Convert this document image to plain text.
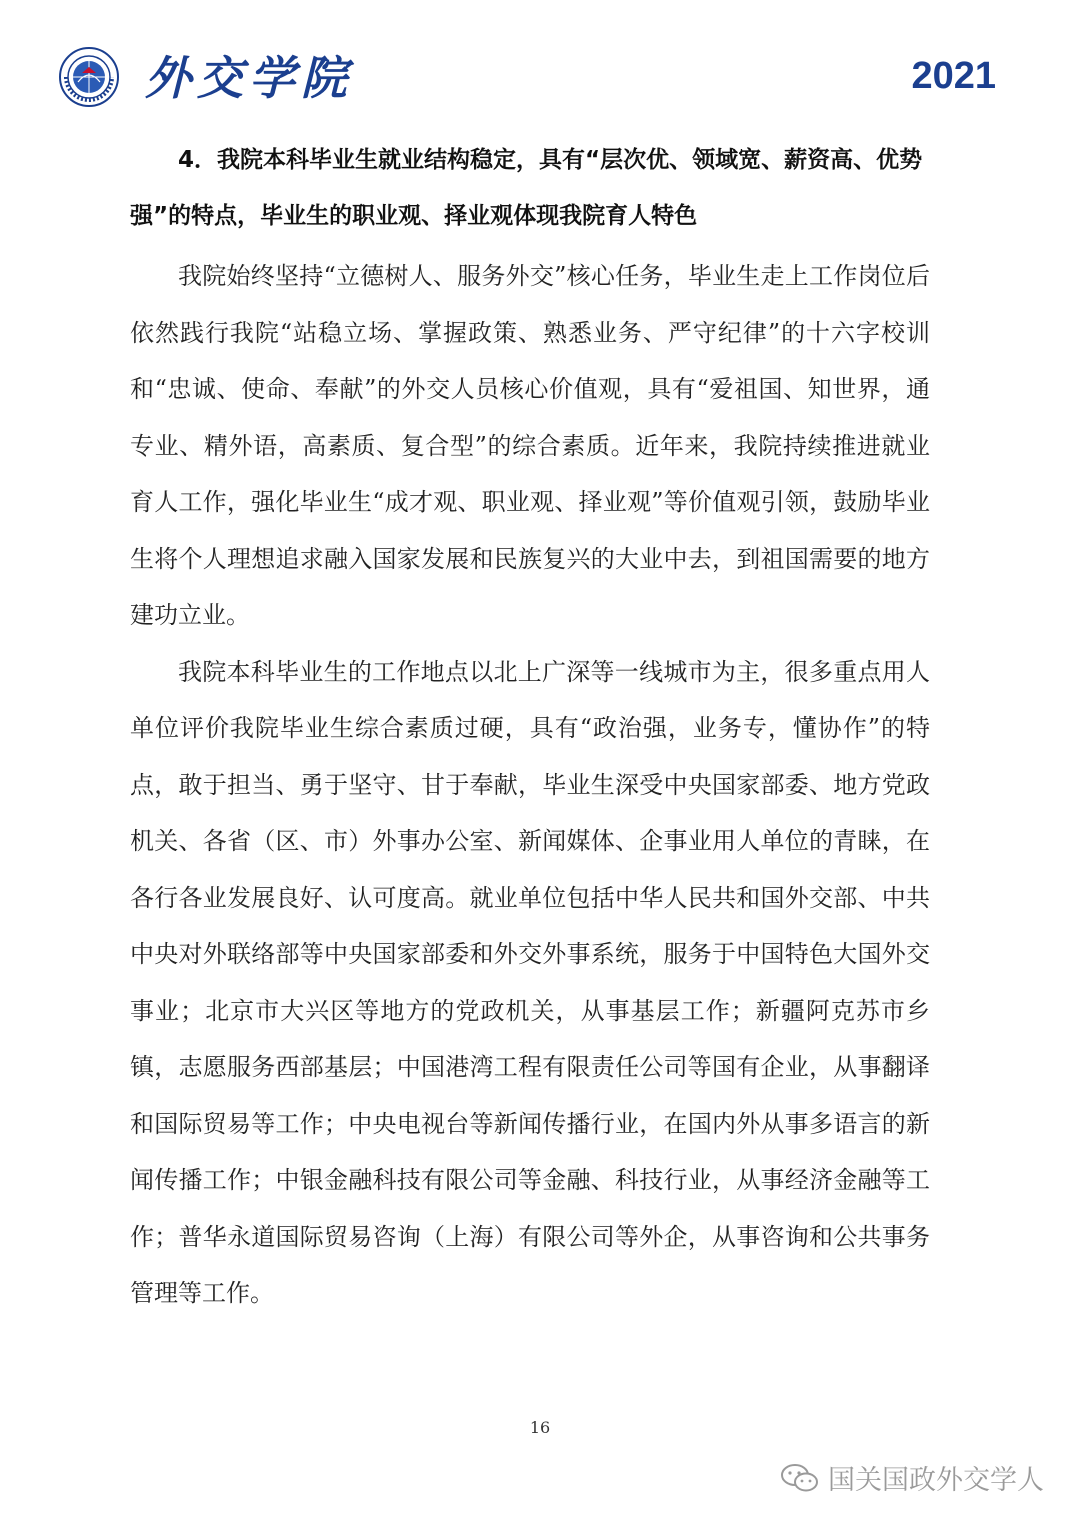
外交学院	2021

4．我院本科毕业生就业结构稳定，具有“层次优、领域宽、薪资高、优势强”的特点，毕业生的职业观、择业观体现我院育人特色

我院始终坚持“立德树人、服务外交”核心任务，毕业生走上工作岗位后依然践行我院“站稳立场、掌握政策、熟悉业务、严守纪律”的十六字校训和“忠诚、使命、奉献”的外交人员核心价值观，具有“爱祖国、知世界，通专业、精外语，高素质、复合型”的综合素质。近年来，我院持续推进就业育人工作，强化毕业生“成才观、职业观、择业观”等价值观引领，鼓励毕业生将个人理想追求融入国家发展和民族复兴的大业中去，到祖国需要的地方建功立业。

我院本科毕业生的工作地点以北上广深等一线城市为主，很多重点用人单位评价我院毕业生综合素质过硬，具有“政治强，业务专，懂协作”的特点，敢于担当、勇于坚守、甘于奉献，毕业生深受中央国家部委、地方党政机关、各省（区、市）外事办公室、新闻媒体、企事业用人单位的青睐，在各行各业发展良好、认可度高。就业单位包括中华人民共和国外交部、中共中央对外联络部等中央国家部委和外交外事系统，服务于中国特色大国外交事业；北京市大兴区等地方的党政机关，从事基层工作；新疆阿克苏市乡镇，志愿服务西部基层；中国港湾工程有限责任公司等国有企业，从事翻译和国际贸易等工作；中央电视台等新闻传播行业，在国内外从事多语言的新闻传播工作；中银金融科技有限公司等金融、科技行业，从事经济金融等工作；普华永道国际贸易咨询（上海）有限公司等外企，从事咨询和公共事务管理等工作。

16
国关国政外交学人
